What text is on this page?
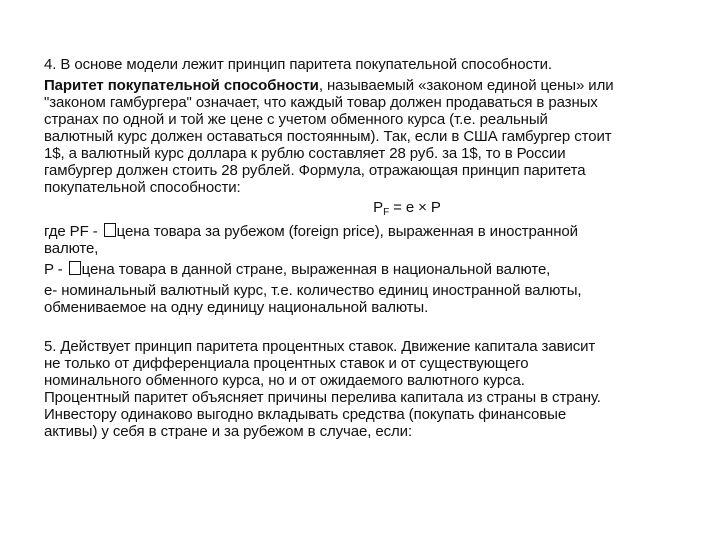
4. В основе модели лежит принцип паритета покупательной способности.
Паритет покупательной способности, называемый «законом единой цены» или
"законом гамбургера" означает, что каждый товар должен продаваться в разных
странах по одной и той же цене с учетом обменного курса (т.е. реальный
валютный курс должен оставаться постоянным). Так, если в США гамбургер стоит
1$, а валютный курс доллара к рублю составляет 28 руб. за 1$, то в России
гамбургер должен стоить 28 рублей. Формула, отражающая принцип паритета
покупательной способности:
$P_F = e \times P$
где PF - цена товара за рубежом (foreign price), выраженная в иностранной
валюте,
P - цена товара в данной стране, выраженная в национальной валюте,
e- номинальный валютный курс, т.е. количество единиц иностранной валюты,
обмениваемое на одну единицу национальной валюты.
5. Действует принцип паритета процентных ставок. Движение капитала зависит
не только от дифференциала процентных ставок и от существующего
номинального обменного курса, но и от ожидаемого валютного курса.
Процентный паритет объясняет причины перелива капитала из страны в страну.
Инвестору одинаково выгодно вкладывать средства (покупать финансовые
активы) у себя в стране и за рубежом в случае, если:
